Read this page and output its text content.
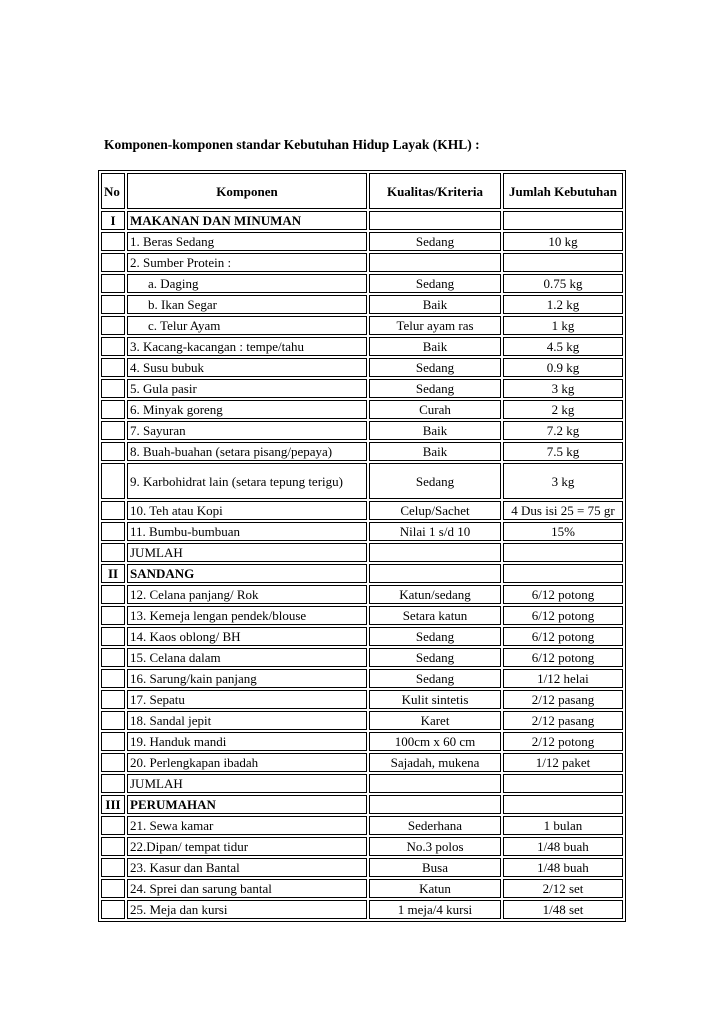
Komponen-komponen standar Kebutuhan Hidup Layak (KHL) :
No	Komponen	Kualitas/Kriteria	Jumlah Kebutuhan
I	MAKANAN DAN MINUMAN		
	1. Beras Sedang	Sedang	10 kg
	2. Sumber Protein :		
	a. Daging	Sedang	0.75 kg
	b. Ikan Segar	Baik	1.2 kg
	c. Telur Ayam	Telur ayam ras	1 kg
	3. Kacang-kacangan : tempe/tahu	Baik	4.5 kg
	4. Susu bubuk	Sedang	0.9 kg
	5. Gula pasir	Sedang	3 kg
	6. Minyak goreng	Curah	2 kg
	7. Sayuran	Baik	7.2 kg
	8. Buah-buahan (setara pisang/pepaya)	Baik	7.5 kg
	9. Karbohidrat lain (setara tepung terigu)	Sedang	3 kg
	10. Teh atau Kopi	Celup/Sachet	4 Dus isi 25 = 75 gr
	11. Bumbu-bumbuan	Nilai 1 s/d 10	15%
	JUMLAH		
II	SANDANG		
	12. Celana panjang/ Rok	Katun/sedang	6/12 potong
	13. Kemeja lengan pendek/blouse	Setara katun	6/12 potong
	14. Kaos oblong/ BH	Sedang	6/12 potong
	15. Celana dalam	Sedang	6/12 potong
	16. Sarung/kain panjang	Sedang	1/12 helai
	17. Sepatu	Kulit sintetis	2/12 pasang
	18. Sandal jepit	Karet	2/12 pasang
	19. Handuk mandi	100cm x 60 cm	2/12 potong
	20. Perlengkapan ibadah	Sajadah, mukena	1/12 paket
	JUMLAH		
III	PERUMAHAN		
	21. Sewa kamar	Sederhana	1 bulan
	22.Dipan/ tempat tidur	No.3 polos	1/48 buah
	23. Kasur dan Bantal	Busa	1/48 buah
	24. Sprei dan sarung bantal	Katun	2/12 set
	25. Meja dan kursi	1 meja/4 kursi	1/48 set
